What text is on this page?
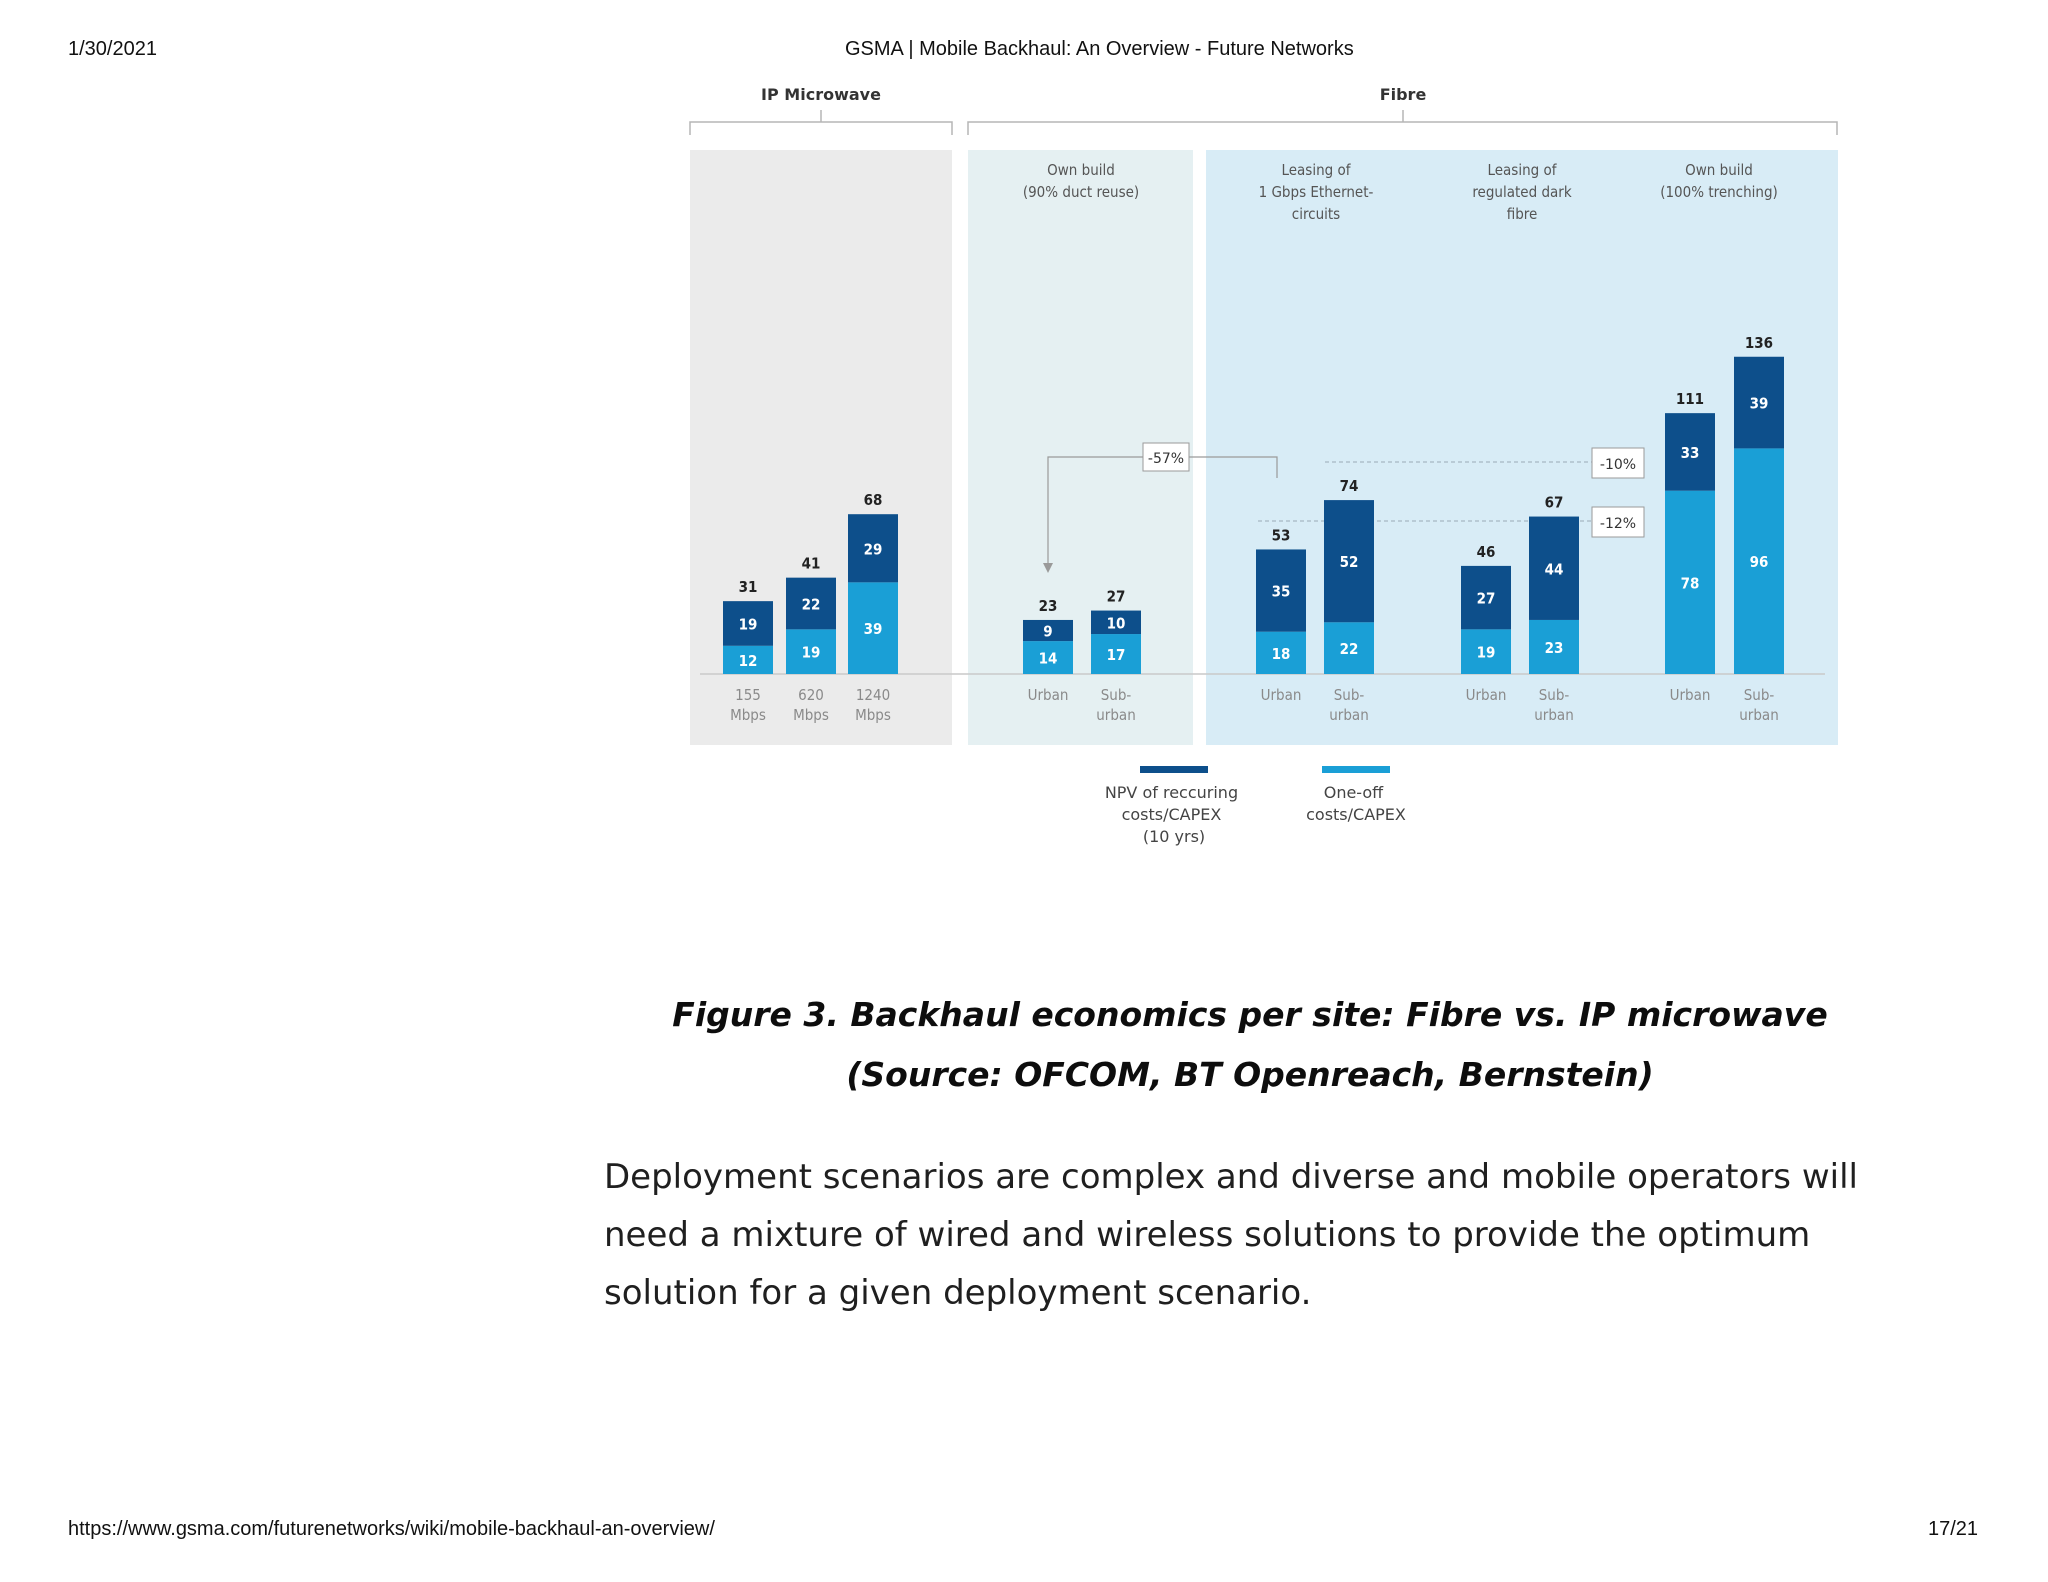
1/30/2021	GSMA | Mobile Backhaul: An Overview - Future Networks
IP Microwave	Fibre
-57%	-10%
-12%
12
19
31
155
Mbps
19
22
41
620
Mbps
39
29
68
1240
Mbps
Own build
(90% duct reuse)
14
9
23
Urban
17
10
27
Sub-
urban
Leasing of
1 Gbps Ethernet-
circuits
18
35
53
Urban
22
52
74
Sub-
urban
Leasing of
regulated dark
fibre
19
27
46
Urban
23
44
67
Sub-
urban
Own build
(100% trenching)
78
33
111
Urban
96
39
136
Sub-
urban
NPV of reccuring costs/CAPEX (10 yrs)
One-off costs/CAPEX
Figure 3. Backhaul economics per site: Fibre vs. IP microwave
(Source: OFCOM, BT Openreach, Bernstein)
Deployment scenarios are complex and diverse and mobile operators will need a mixture of wired and wireless solutions to provide the optimum solution for a given deployment scenario.
https://www.gsma.com/futurenetworks/wiki/mobile-backhaul-an-overview/	17/21
